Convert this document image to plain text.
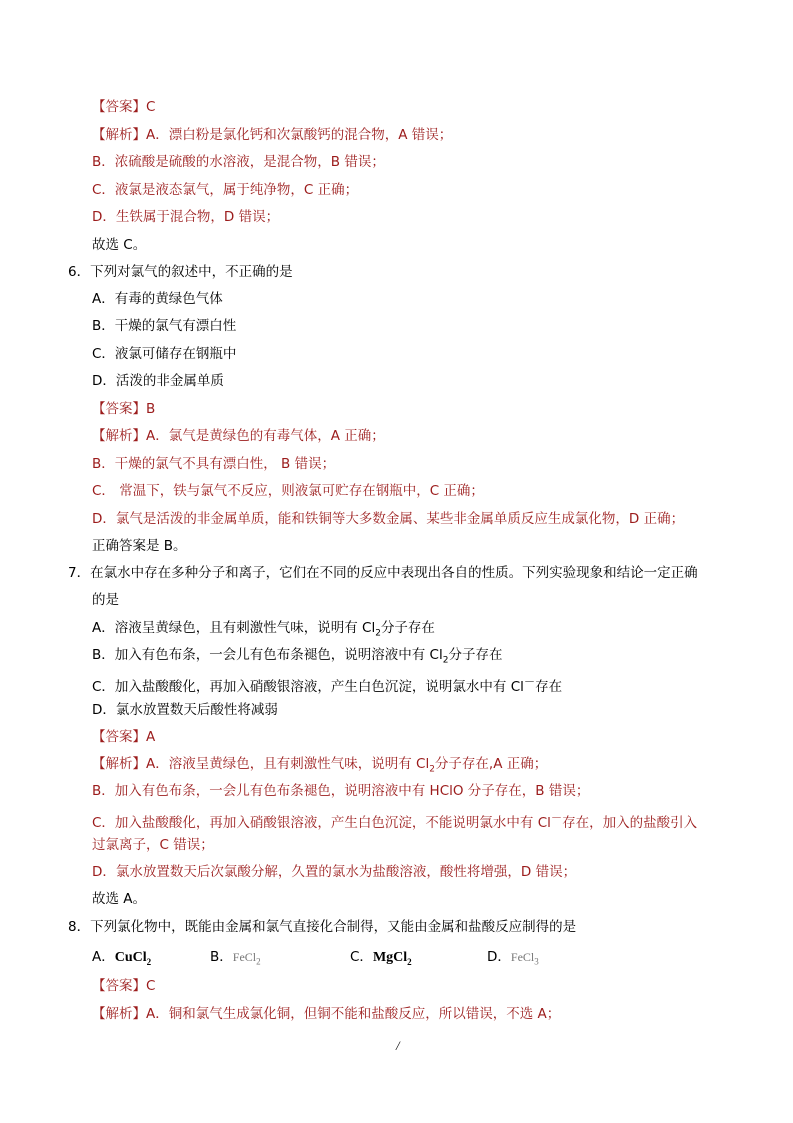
【答案】C
【解析】A．漂白粉是氯化钙和次氯酸钙的混合物，A 错误；
B．浓硫酸是硫酸的水溶液，是混合物，B 错误；
C．液氯是液态氯气，属于纯净物，C 正确；
D．生铁属于混合物，D 错误；
故选 C。
6．下列对氯气的叙述中，不正确的是
A．有毒的黄绿色气体
B．干燥的氯气有漂白性
C．液氯可储存在钢瓶中
D．活泼的非金属单质
【答案】B
【解析】A．氯气是黄绿色的有毒气体，A 正确；
B．干燥的氯气不具有漂白性， B 错误；
C． 常温下，铁与氯气不反应，则液氯可贮存在钢瓶中，C 正确；
D．氯气是活泼的非金属单质，能和铁铜等大多数金属、某些非金属单质反应生成氯化物，D 正确；
正确答案是 B。
7．在氯水中存在多种分子和离子，它们在不同的反应中表现出各自的性质。下列实验现象和结论一定正确
的是
A．溶液呈黄绿色，且有刺激性气味，说明有 $Cl_2$分子存在
B．加入有色布条，一会儿有色布条褪色，说明溶液中有 $Cl_2$分子存在
C．加入盐酸酸化，再加入硝酸银溶液，产生白色沉淀，说明氯水中有 Cl－存在
D．氯水放置数天后酸性将减弱
【答案】A
【解析】A．溶液呈黄绿色，且有刺激性气味，说明有 $Cl_2$分子存在,A 正确；
B．加入有色布条，一会儿有色布条褪色，说明溶液中有 HClO 分子存在，B 错误；
C．加入盐酸酸化，再加入硝酸银溶液，产生白色沉淀，不能说明氯水中有 Cl－存在，加入的盐酸引入
过氯离子，C 错误；
D．氯水放置数天后次氯酸分解，久置的氯水为盐酸溶液，酸性将增强，D 错误；
故选 A。
8．下列氯化物中，既能由金属和氯气直接化合制得，又能由金属和盐酸反应制得的是
【答案】C
【解析】A．铜和氯气生成氯化铜，但铜不能和盐酸反应，所以错误，不选 A；
A．CuCl$_2$	B．FeCl$_2$	C．MgCl$_2$	D．FeCl$_3$
/
